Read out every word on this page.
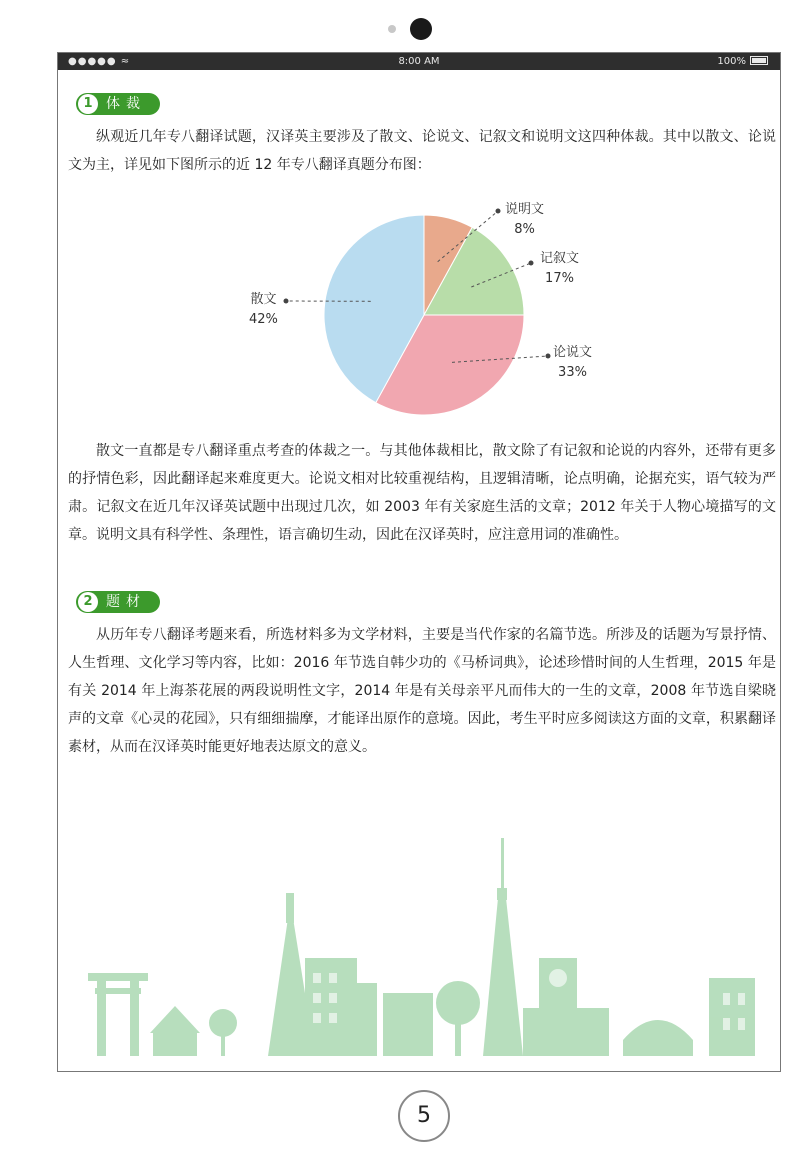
●●●●● ≈	8:00 AM	100%
1 体裁

纵观近几年专八翻译试题，汉译英主要涉及了散文、论说文、记叙文和说明文这四种体裁。其中以散文、论说文为主，详见如下图所示的近 12 年专八翻译真题分布图：

说明文
8%
记叙文
17%
论说文
33%
散文
42%

散文一直都是专八翻译重点考查的体裁之一。与其他体裁相比，散文除了有记叙和论说的内容外，还带有更多的抒情色彩，因此翻译起来难度更大。论说文相对比较重视结构，且逻辑清晰，论点明确，论据充实，语气较为严肃。记叙文在近几年汉译英试题中出现过几次，如 2003 年有关家庭生活的文章；2012 年关于人物心境描写的文章。说明文具有科学性、条理性，语言确切生动，因此在汉译英时，应注意用词的准确性。

2 题材

从历年专八翻译考题来看，所选材料多为文学材料，主要是当代作家的名篇节选。所涉及的话题为写景抒情、人生哲理、文化学习等内容，比如：2016 年节选自韩少功的《马桥词典》，论述珍惜时间的人生哲理，2015 年是有关 2014 年上海茶花展的两段说明性文字，2014 年是有关母亲平凡而伟大的一生的文章，2008 年节选自梁晓声的文章《心灵的花园》，只有细细揣摩，才能译出原作的意境。因此，考生平时应多阅读这方面的文章，积累翻译素材，从而在汉译英时能更好地表达原文的意义。

5
